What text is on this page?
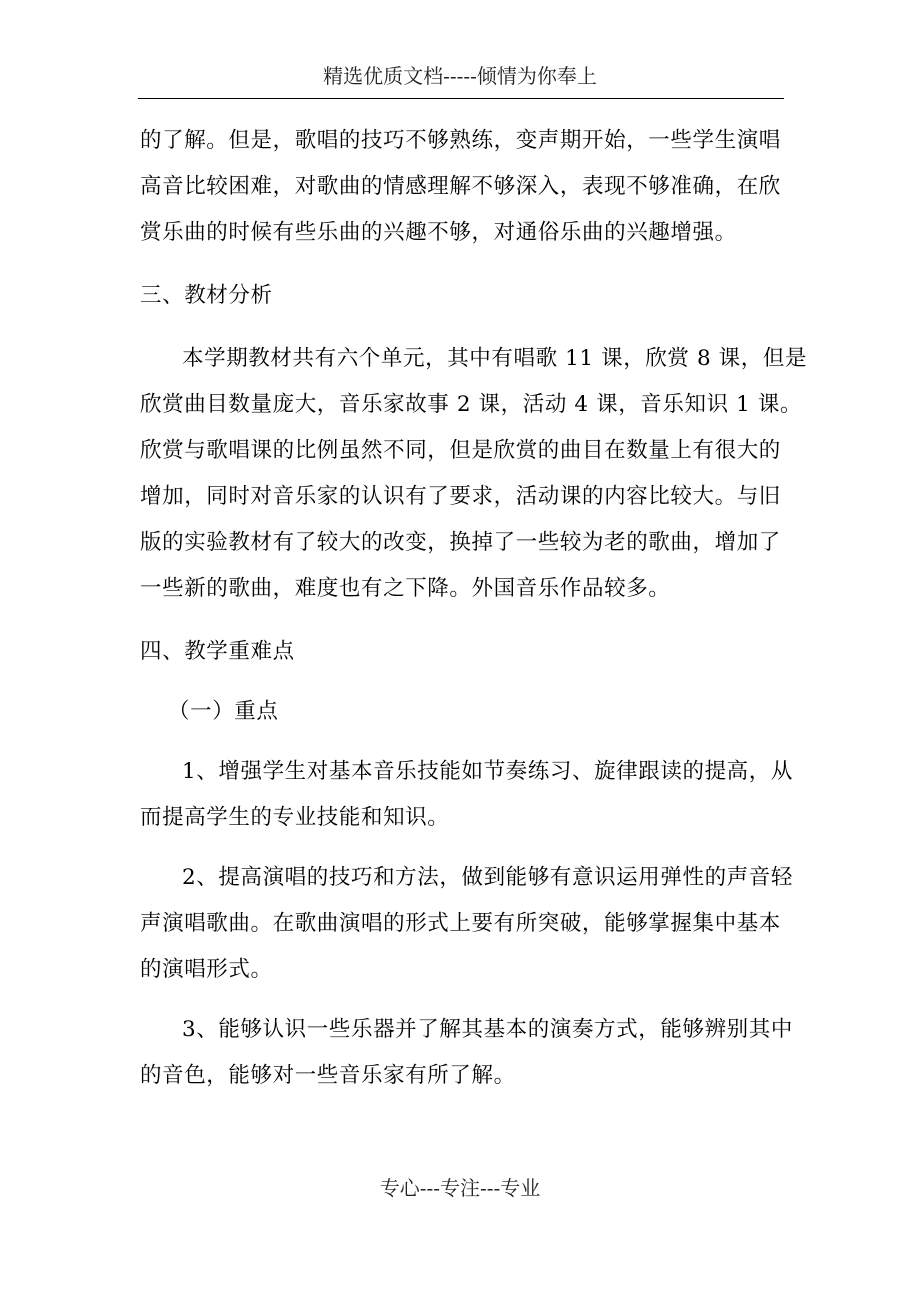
精选优质文档-----倾情为你奉上
的了解。但是，歌唱的技巧不够熟练，变声期开始，一些学生演唱
高音比较困难，对歌曲的情感理解不够深入，表现不够准确，在欣
赏乐曲的时候有些乐曲的兴趣不够，对通俗乐曲的兴趣增强。
三、教材分析
本学期教材共有六个单元，其中有唱歌 11 课，欣赏 8 课，但是
欣赏曲目数量庞大，音乐家故事 2 课，活动 4 课，音乐知识 1 课。
欣赏与歌唱课的比例虽然不同，但是欣赏的曲目在数量上有很大的
增加，同时对音乐家的认识有了要求，活动课的内容比较大。与旧
版的实验教材有了较大的改变，换掉了一些较为老的歌曲，增加了
一些新的歌曲，难度也有之下降。外国音乐作品较多。
四、教学重难点
（一）重点
1、增强学生对基本音乐技能如节奏练习、旋律跟读的提高，从
而提高学生的专业技能和知识。
2、提高演唱的技巧和方法，做到能够有意识运用弹性的声音轻
声演唱歌曲。在歌曲演唱的形式上要有所突破，能够掌握集中基本
的演唱形式。
3、能够认识一些乐器并了解其基本的演奏方式，能够辨别其中
的音色，能够对一些音乐家有所了解。
专心---专注---专业
